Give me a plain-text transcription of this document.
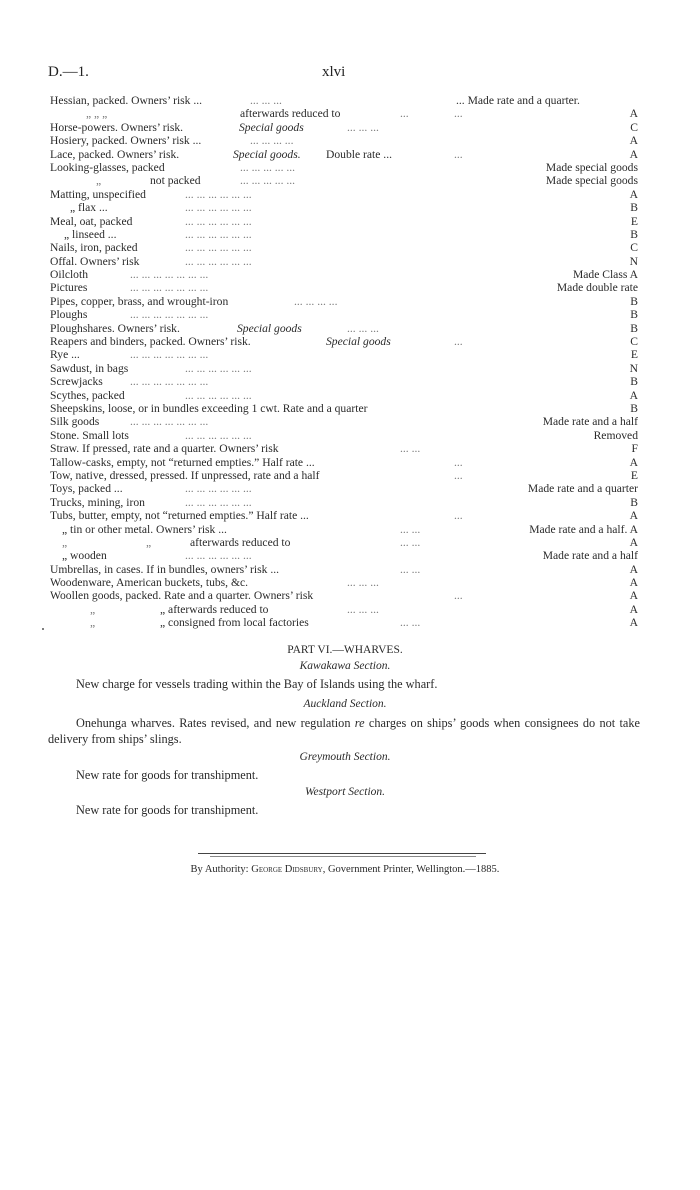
D.—1.	xlvi
Hessian, packed. Owners’ risk ...	... ... ...	... Made rate and a quarter.
„ „ „	afterwards reduced to	...	...	A
Horse-powers. Owners’ risk.	Special goods	... ... ...	C
Hosiery, packed. Owners’ risk ...	... ... ... ...	A
Lace, packed. Owners’ risk.	Special goods. Double rate ...	...	A
Looking-glasses, packed	... ... ... ... ...	Made special goods
„	not packed	... ... ... ... ...	Made special goods
Matting, unspecified	... ... ... ... ... ...	A
„ flax ...	... ... ... ... ... ...	B
Meal, oat, packed	... ... ... ... ... ...	E
„ linseed ...	... ... ... ... ... ...	B
Nails, iron, packed	... ... ... ... ... ...	C
Offal. Owners’ risk	... ... ... ... ... ...	N
Oilcloth	... ... ... ... ... ... ...	Made Class A
Pictures	... ... ... ... ... ... ...	Made double rate
Pipes, copper, brass, and wrought-iron	... ... ... ...	B
Ploughs	... ... ... ... ... ... ...	B
Ploughshares. Owners’ risk.	Special goods	... ... ...	B
Reapers and binders, packed. Owners’ risk.	Special goods	...	C
Rye ...	... ... ... ... ... ... ...	E
Sawdust, in bags	... ... ... ... ... ...	N
Screwjacks ... ... ... ... ... ... ...	B
Scythes, packed	... ... ... ... ... ...	A
Sheepskins, loose, or in bundles exceeding 1 cwt. Rate and a quarter	B
Silk goods	... ... ... ... ... ... ...	Made rate and a half
Stone. Small lots	... ... ... ... ... ...	Removed
Straw. If pressed, rate and a quarter. Owners’ risk	... ...	F
Tallow-casks, empty, not “returned empties.” Half rate ...	...	A
Tow, native, dressed, pressed. If unpressed, rate and a half	...	E
Toys, packed ...	... ... ... ... ... ...	Made rate and a quarter
Trucks, mining, iron	... ... ... ... ... ...	B
Tubs, butter, empty, not “returned empties.” Half rate ...	...	A
„ tin or other metal. Owners’ risk ...	... ...	Made rate and a half. A
„	„	afterwards reduced to	... ...	A
„ wooden	... ... ... ... ... ...	Made rate and a half
Umbrellas, in cases. If in bundles, owners’ risk ...	... ...	A
Woodenware, American buckets, tubs, &c.	... ... ...	A
Woollen goods, packed. Rate and a quarter. Owners’ risk	...	A
„	„ afterwards reduced to	... ... ...	A
„	„ consigned from local factories	... ...	A
PART VI.—WHARVES.
Kawakawa Section.

New charge for vessels trading within the Bay of Islands using the wharf.

Auckland Section.

Onehunga wharves. Rates revised, and new regulation re charges on ships’ goods when consignees do not take delivery from ships’ slings.

Greymouth Section.

New rate for goods for transhipment.

Westport Section.

New rate for goods for transhipment.

By Authority: George Didsbury, Government Printer, Wellington.—1885.
